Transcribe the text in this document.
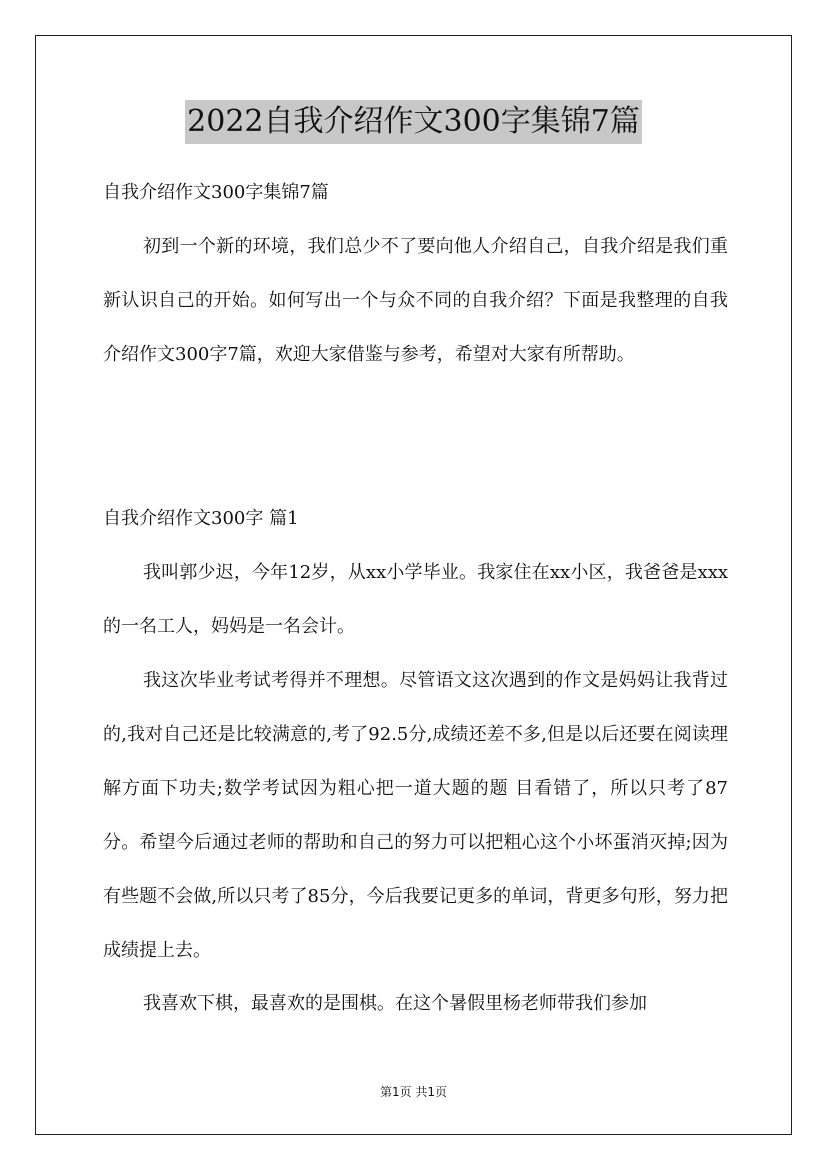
2022自我介绍作文300字集锦7篇
自我介绍作文300字集锦7篇
初到一个新的环境，我们总少不了要向他人介绍自己，自我介绍是我们重新认识自己的开始。如何写出一个与众不同的自我介绍？下面是我整理的自我介绍作文300字7篇，欢迎大家借鉴与参考，希望对大家有所帮助。
自我介绍作文300字 篇1
我叫郭少迟，今年12岁，从xx小学毕业。我家住在xx小区，我爸爸是xxx的一名工人，妈妈是一名会计。
我这次毕业考试考得并不理想。尽管语文这次遇到的作文是妈妈让我背过的,我对自己还是比较满意的,考了92.5分,成绩还差不多,但是以后还要在阅读理解方面下功夫;数学考试因为粗心把一道大题的题 目看错了，所以只考了87分。希望今后通过老师的帮助和自己的努力可以把粗心这个小坏蛋消灭掉;因为有些题不会做,所以只考了85分，今后我要记更多的单词，背更多句形，努力把成绩提上去。
我喜欢下棋，最喜欢的是围棋。在这个暑假里杨老师带我们参加
第1页 共1页
